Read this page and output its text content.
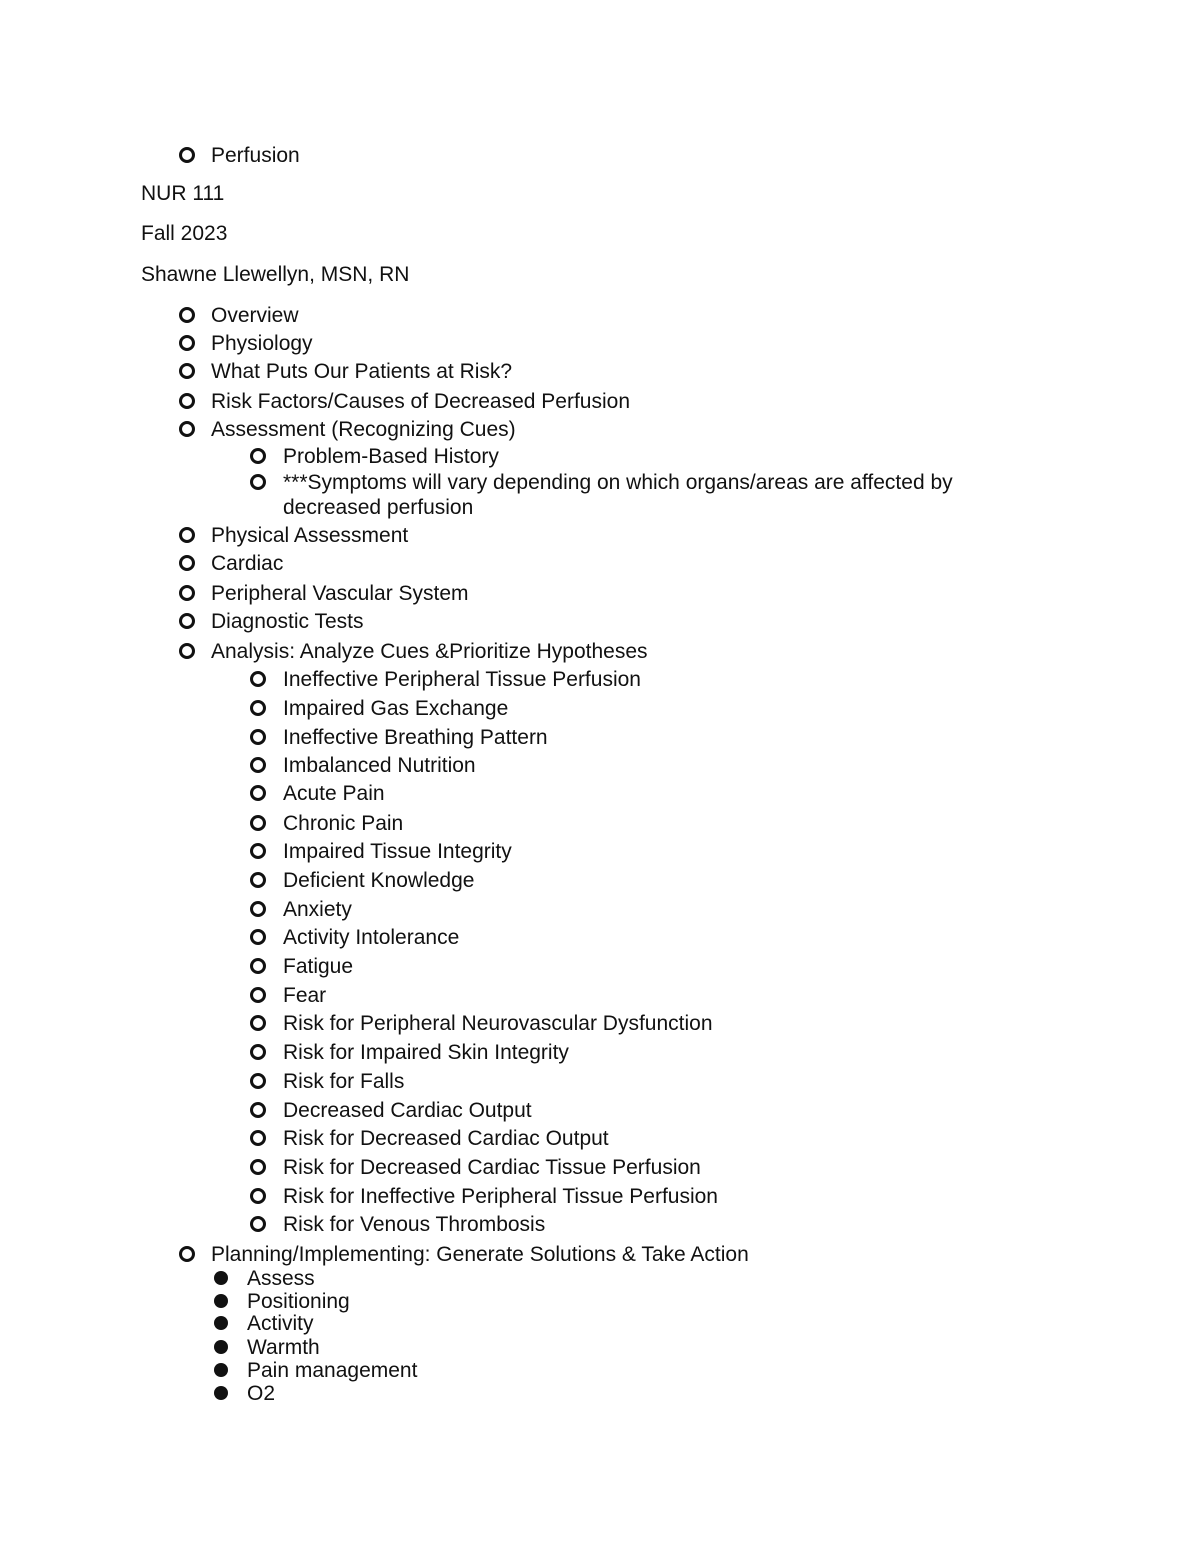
Perfusion
NUR 111
Fall 2023
Shawne Llewellyn, MSN, RN
Overview
Physiology
What Puts Our Patients at Risk?
Risk Factors/Causes of Decreased Perfusion
Assessment (Recognizing Cues)
Problem-Based History
***Symptoms will vary depending on which organs/areas are affected by
decreased perfusion
Physical Assessment
Cardiac
Peripheral Vascular System
Diagnostic Tests
Analysis: Analyze Cues &Prioritize Hypotheses
Ineffective Peripheral Tissue Perfusion
Impaired Gas Exchange
Ineffective Breathing Pattern
Imbalanced Nutrition
Acute Pain
Chronic Pain
Impaired Tissue Integrity
Deficient Knowledge
Anxiety
Activity Intolerance
Fatigue
Fear
Risk for Peripheral Neurovascular Dysfunction
Risk for Impaired Skin Integrity
Risk for Falls
Decreased Cardiac Output
Risk for Decreased Cardiac Output
Risk for Decreased Cardiac Tissue Perfusion
Risk for Ineffective Peripheral Tissue Perfusion
Risk for Venous Thrombosis
Planning/Implementing: Generate Solutions & Take Action
Assess
Positioning
Activity
Warmth
Pain management
O2
